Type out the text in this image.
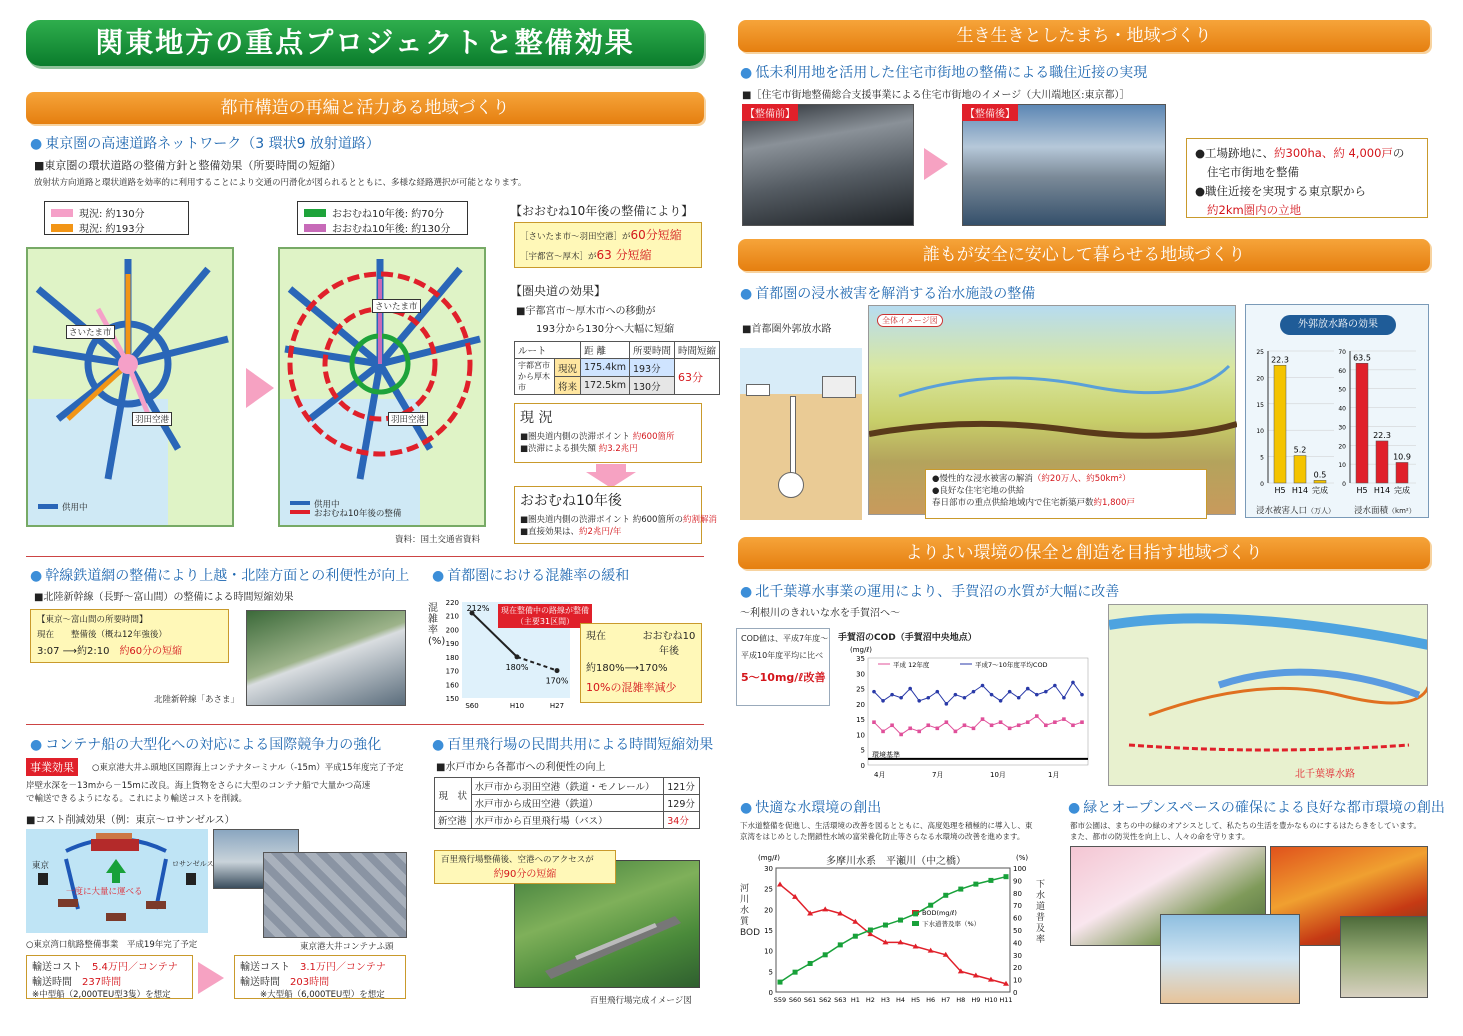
関東地方の重点プロジェクトと整備効果
都市構造の再編と活力ある地域づくり
● 東京圏の高速道路ネットワーク（3 環状9 放射道路）
■東京圏の環状道路の整備方針と整備効果（所要時間の短縮）
放射状方向道路と環状道路を効率的に利用することにより交通の円滑化が図られるとともに、多様な経路選択が可能となります。
現況: 約130分
現況: 約193分
おおむね10年後: 約70分
おおむね10年後: 約130分
さいたま市
羽田空港
供用中
さいたま市
羽田空港
供用中
おおむね10年後の整備
資料：国土交通省資料
【おおむね10年後の整備により】
［さいたま市～羽田空港］が60分短縮
［宇都宮～厚木］が63 分短縮
【圏央道の効果】
■宇都宮市～厚木市への移動が
193分から130分へ大幅に短縮
ルート		距 離	所要時間	時間短縮
宇都宮市から厚木市	現況	175.4km	193分	63分
	将来	172.5km	130分	
現 況
■圏央道内側の渋滞ポイント 約600箇所
■渋滞による損失額 約3.2兆円
おおむね10年後
■圏央道内側の渋滞ポイント 約600箇所の約割解消
■直接効果は、約2兆円/年
● 幹線鉄道網の整備により上越・北陸方面との利便性が向上
■北陸新幹線（長野～富山間）の整備による時間短縮効果
【東京～富山間の所要時間】
現在　　整備後（概ね12年強後）
3:07 ⟶約2:10　 約60分の短縮
北陸新幹線「あさま」
● 首都圏における混雑率の緩和
混雑率(%)
150
160
170
180
190
200
210
220
S60	H10	H27
212%
180%
170%
現在整備中の路線が整備
（主要31区間）
現在	おおむね10年後
約180%⟶170%
10%の混雑率減少
● コンテナ船の大型化への対応による国際競争力の強化
事業効果	○東京港大井ふ頭地区国際海上コンテナターミナル（-15m）平成15年度完了予定
岸壁水深を－13mから－15mに改良。海上貨物をさらに大型のコンテナ船で大量かつ高速
で輸送できるようになる。これにより輸送コストを削減。
■コスト削減効果（例：東京～ロサンゼルス）
東京	ロサンゼルス
一度に大量に運べる
○東京湾口航路整備事業　平成19年完了予定	東京港大井コンテナふ頭
輸送コスト　 5.4万円／コンテナ
輸送時間　 237時間
※中型船（2,000TEU型3隻）を想定
輸送コスト　 3.1万円／コンテナ
輸送時間　 203時間
※大型船（6,000TEU型）を想定
● 百里飛行場の民間共用による時間短縮効果
■水戸市から各都市への利便性の向上
現　状	水戸市から羽田空港（鉄道・モノレール）	121分
	水戸市から成田空港（鉄道）	129分
新空港	水戸市から百里飛行場（バス）	34分
百里飛行場整備後、空港へのアクセスが
約90分の短縮
百里飛行場完成イメージ図
生き生きとしたまち・地域づくり
● 低未利用地を活用した住宅市街地の整備による職住近接の実現
■［住宅市街地整備総合支援事業による住宅市街地のイメージ（大川端地区:東京都）］
【整備前】	【整備後】
●工場跡地に、約300ha、約 4,000戸の
住宅市街地を整備
●職住近接を実現する東京駅から
約2km圏内の立地
誰もが安全に安心して暮らせる地域づくり
● 首都圏の浸水被害を解消する治水施設の整備
■首都圏外郭放水路
全体イメージ図
●慢性的な浸水被害の解消（約20万人、約50km²）
●良好な住宅宅地の供給
春日部市の重点供給地域内で住宅新築戸数約1,800戸
外郭放水路の効果
0
5
10
15
20
25
22.3
H5
5.2
H14
0.5
完成
0
10
20
30
40
50
60
70
63.5
H5
22.3
H14
10.9
完成
浸水被害人口（万人） 浸水面積（km²）
よりよい環境の保全と創造を目指す地域づくり
● 北千葉導水事業の運用により、手賀沼の水質が大幅に改善
～利根川のきれいな水を手賀沼へ～
COD値は、平成7年度～
平成10年度平均に比べ
5～10mg/ℓ改善
手賀沼のCOD（手賀沼中央地点）
(mg/ℓ)
0
5
10
15
20
25
30
35
環境基準
4月	7月	10月	1月
平成 12年度	平成7～10年度平均COD
北千葉導水路
● 快適な水環境の創出
下水道整備を促進し、生活環境の改善を図るとともに、高度処理を積極的に導入し、東
京湾をはじめとした閉鎖性水域の富栄養化防止等さらなる水環境の改善を進めます。
多摩川水系　平瀬川（中之橋）
(mg/ℓ)	(%)
0
5
10
15
20
25
30
0
10
20
30
40
50
60
70
80
90
100
S59 S60 S61 S62 S63 H1 H2 H3 H4 H5 H6 H7 H8 H9 H10 H11
BOD(mg/ℓ)
下水道普及率（%）
河川水質BOD
下水道普及率
● 緑とオープンスペースの確保による良好な都市環境の創出
都市公園は、まちの中の緑のオアシスとして、私たちの生活を豊かなものにするはたらきをしています。
また、都市の防災性を向上し、人々の命を守ります。
